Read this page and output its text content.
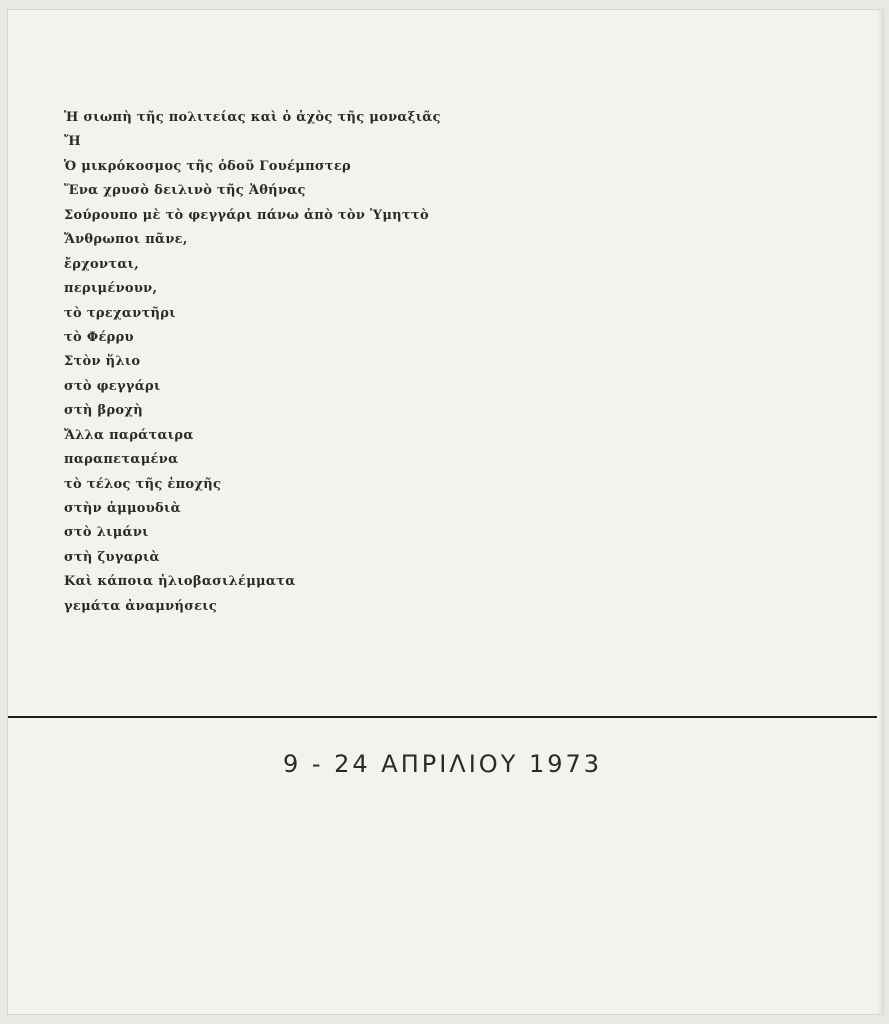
Ἡ σιωπὴ τῆς πολιτείας καὶ ὁ ἀχὸς τῆς μοναξιᾶς
Ἤ
Ὁ μικρόκοσμος τῆς ὁδοῦ Γουέμπστερ
Ἕνα χρυσὸ δειλινὸ τῆς Ἀθήνας
Σούρουπο μὲ τὸ φεγγάρι πάνω ἀπὸ τὸν Ὑμηττὸ
Ἄνθρωποι πᾶνε,
ἔρχονται,
περιμένουν,
τὸ τρεχαντῆρι
τὸ Φέρρυ
Στὸν ἥλιο
στὸ φεγγάρι
στὴ βροχὴ
Ἄλλα παράταιρα
παραπεταμένα
τὸ τέλος τῆς ἐποχῆς
στὴν ἀμμουδιὰ
στὸ λιμάνι
στὴ ζυγαριὰ
Καὶ κάποια ἡλιοβασιλέμματα
γεμάτα ἀναμνήσεις
9 - 24 ΑΠΡΙΛΙΟΥ 1973
